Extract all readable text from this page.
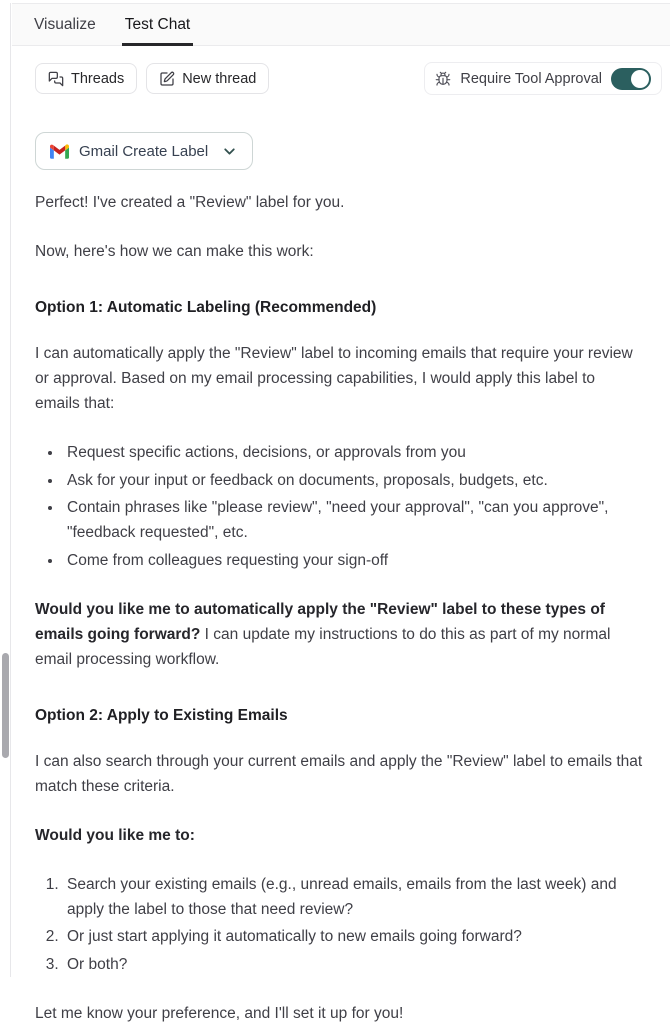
Visualize Test Chat
Threads	New thread	Require Tool Approval
Gmail Create Label

Perfect! I've created a "Review" label for you.

Now, here's how we can make this work:

Option 1: Automatic Labeling (Recommended)

I can automatically apply the "Review" label to incoming emails that require your review or approval. Based on my email processing capabilities, I would apply this label to emails that:

• Request specific actions, decisions, or approvals from you
• Ask for your input or feedback on documents, proposals, budgets, etc.
• Contain phrases like "please review", "need your approval", "can you approve", "feedback requested", etc.
• Come from colleagues requesting your sign-off

Would you like me to automatically apply the "Review" label to these types of emails going forward? I can update my instructions to do this as part of my normal email processing workflow.

Option 2: Apply to Existing Emails

I can also search through your current emails and apply the "Review" label to emails that match these criteria.

Would you like me to:

1. Search your existing emails (e.g., unread emails, emails from the last week) and apply the label to those that need review?
2. Or just start applying it automatically to new emails going forward?
3. Or both?

Let me know your preference, and I'll set it up for you!
